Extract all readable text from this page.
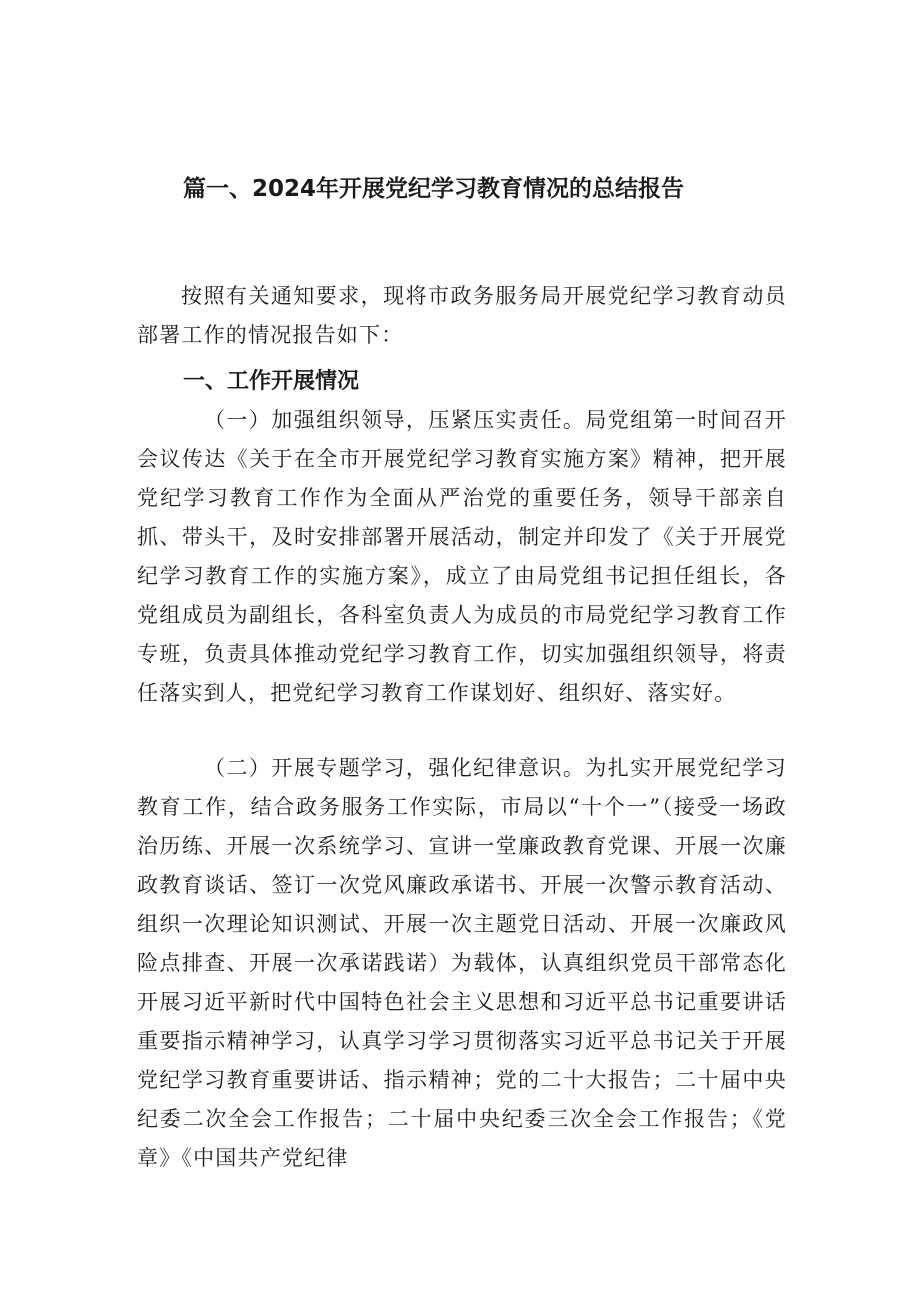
篇一、2024年开展党纪学习教育情况的总结报告

按照有关通知要求，现将市政务服务局开展党纪学习教育动员部署工作的情况报告如下：

一、工作开展情况

（一）加强组织领导，压紧压实责任。局党组第一时间召开会议传达《关于在全市开展党纪学习教育实施方案》精神，把开展党纪学习教育工作作为全面从严治党的重要任务，领导干部亲自抓、带头干，及时安排部署开展活动，制定并印发了《关于开展党纪学习教育工作的实施方案》，成立了由局党组书记担任组长，各党组成员为副组长，各科室负责人为成员的市局党纪学习教育工作专班，负责具体推动党纪学习教育工作，切实加强组织领导，将责任落实到人，把党纪学习教育工作谋划好、组织好、落实好。

（二）开展专题学习，强化纪律意识。为扎实开展党纪学习教育工作，结合政务服务工作实际，市局以“十个一”（接受一场政治历练、开展一次系统学习、宣讲一堂廉政教育党课、开展一次廉政教育谈话、签订一次党风廉政承诺书、开展一次警示教育活动、组织一次理论知识测试、开展一次主题党日活动、开展一次廉政风险点排查、开展一次承诺践诺）为载体，认真组织党员干部常态化开展习近平新时代中国特色社会主义思想和习近平总书记重要讲话重要指示精神学习，认真学习学习贯彻落实习近平总书记关于开展党纪学习教育重要讲话、指示精神；党的二十大报告；二十届中央纪委二次全会工作报告；二十届中央纪委三次全会工作报告；《党章》《中国共产党纪律
